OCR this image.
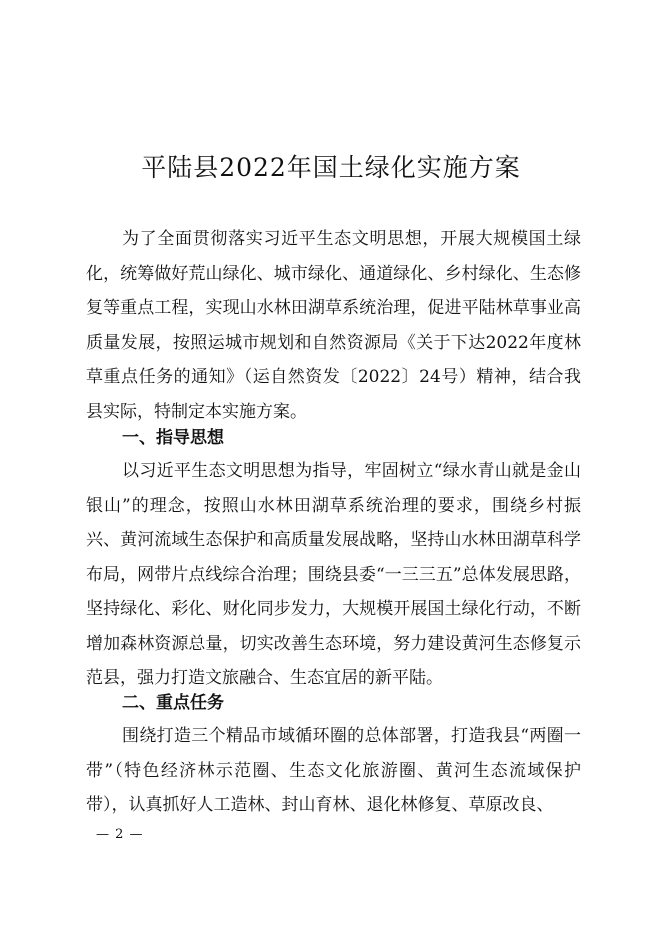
平陆县2022年国土绿化实施方案

为了全面贯彻落实习近平生态文明思想，开展大规模国土绿化，统筹做好荒山绿化、城市绿化、通道绿化、乡村绿化、生态修复等重点工程，实现山水林田湖草系统治理，促进平陆林草事业高质量发展，按照运城市规划和自然资源局《关于下达2022年度林草重点任务的通知》（运自然资发〔2022〕24号）精神，结合我县实际，特制定本实施方案。

一、指导思想

以习近平生态文明思想为指导，牢固树立“绿水青山就是金山银山”的理念，按照山水林田湖草系统治理的要求，围绕乡村振兴、黄河流域生态保护和高质量发展战略，坚持山水林田湖草科学布局，网带片点线综合治理；围绕县委“一三三五”总体发展思路，坚持绿化、彩化、财化同步发力，大规模开展国土绿化行动，不断增加森林资源总量，切实改善生态环境，努力建设黄河生态修复示范县，强力打造文旅融合、生态宜居的新平陆。

二、重点任务

围绕打造三个精品市域循环圈的总体部署，打造我县“两圈一带”（特色经济林示范圈、生态文化旅游圈、黄河生态流域保护带），认真抓好人工造林、封山育林、退化林修复、草原改良、

— 2 —
